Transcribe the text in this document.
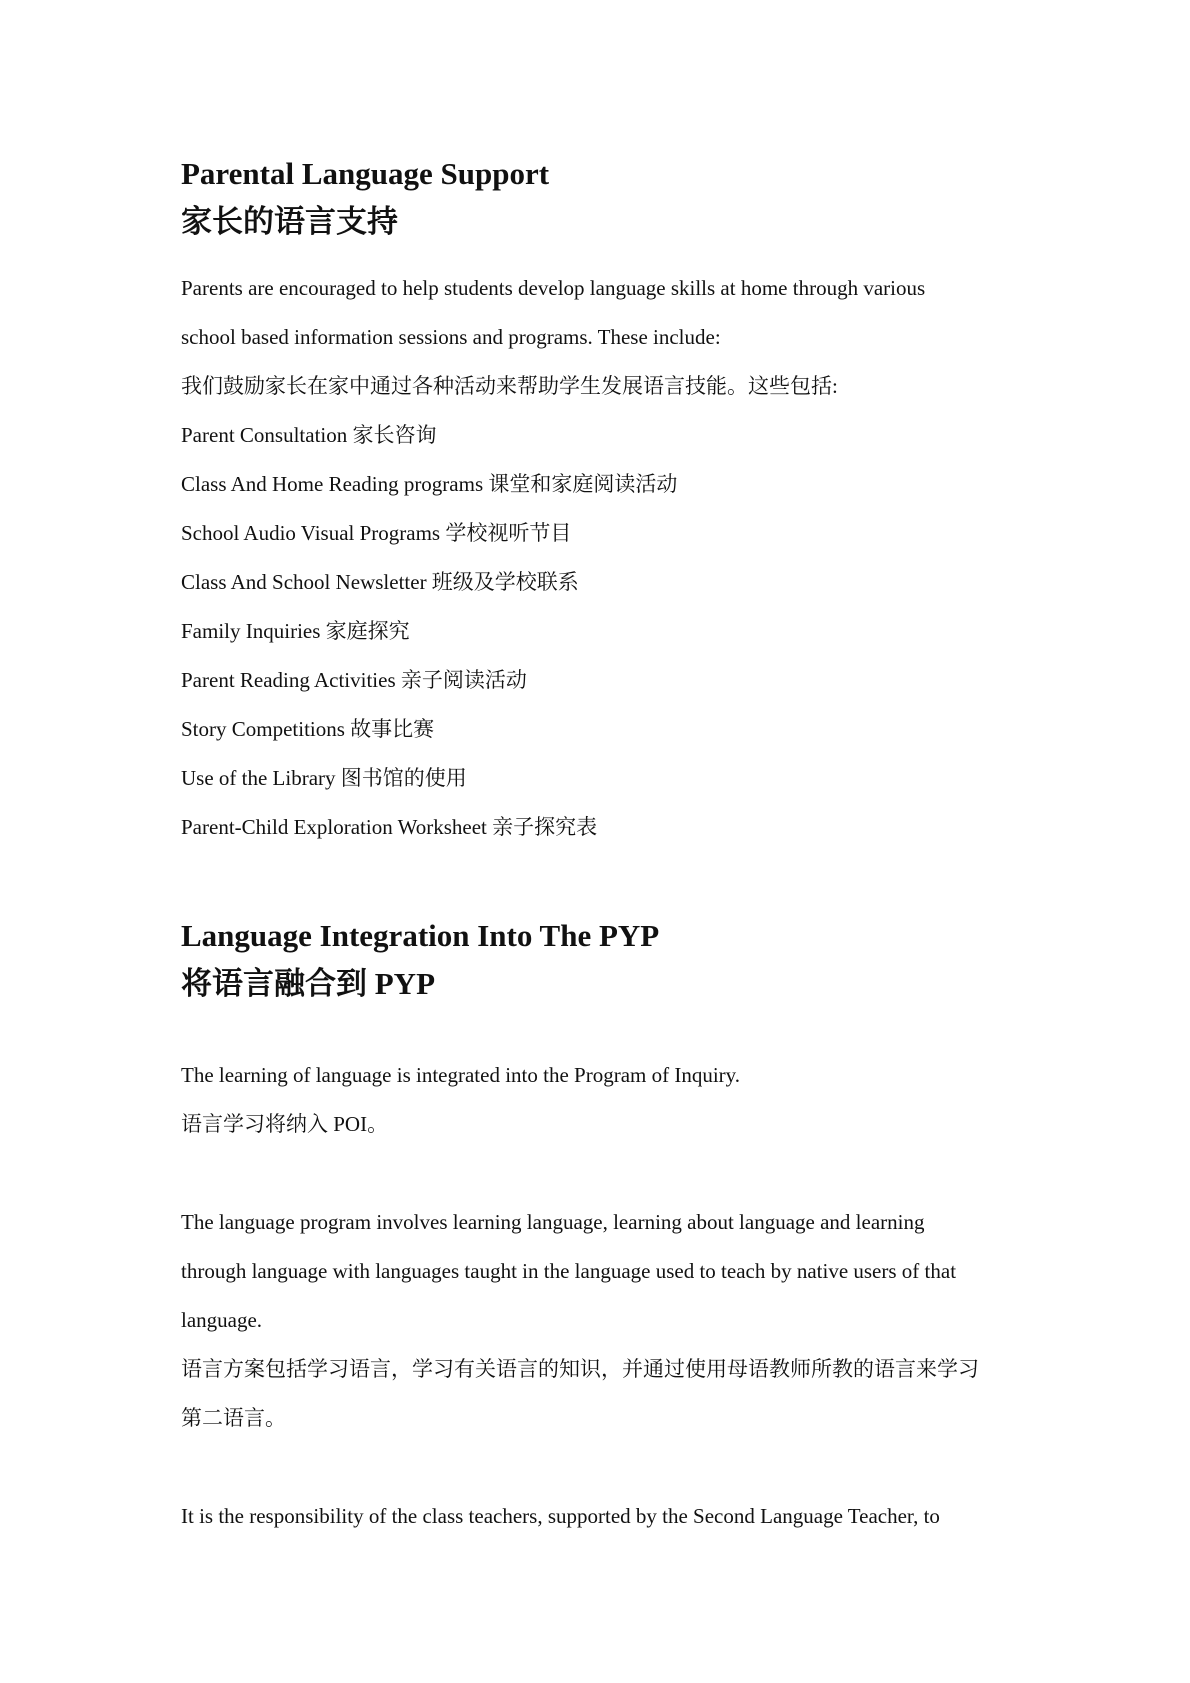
Parental Language Support
家长的语言支持
Parents are encouraged to help students develop language skills at home through various
school based information sessions and programs. These include:
我们鼓励家长在家中通过各种活动来帮助学生发展语言技能。这些包括:
Parent Consultation 家长咨询
Class And Home Reading programs 课堂和家庭阅读活动
School Audio Visual Programs 学校视听节目
Class And School Newsletter 班级及学校联系
Family Inquiries 家庭探究
Parent Reading Activities 亲子阅读活动
Story Competitions 故事比赛
Use of the Library 图书馆的使用
Parent-Child Exploration Worksheet 亲子探究表
Language Integration Into The PYP
将语言融合到 PYP
The learning of language is integrated into the Program of Inquiry.
语言学习将纳入 POI。
The language program involves learning language, learning about language and learning
through language with languages taught in the language used to teach by native users of that
language.
语言方案包括学习语言，学习有关语言的知识，并通过使用母语教师所教的语言来学习
第二语言。
It is the responsibility of the class teachers, supported by the Second Language Teacher, to
